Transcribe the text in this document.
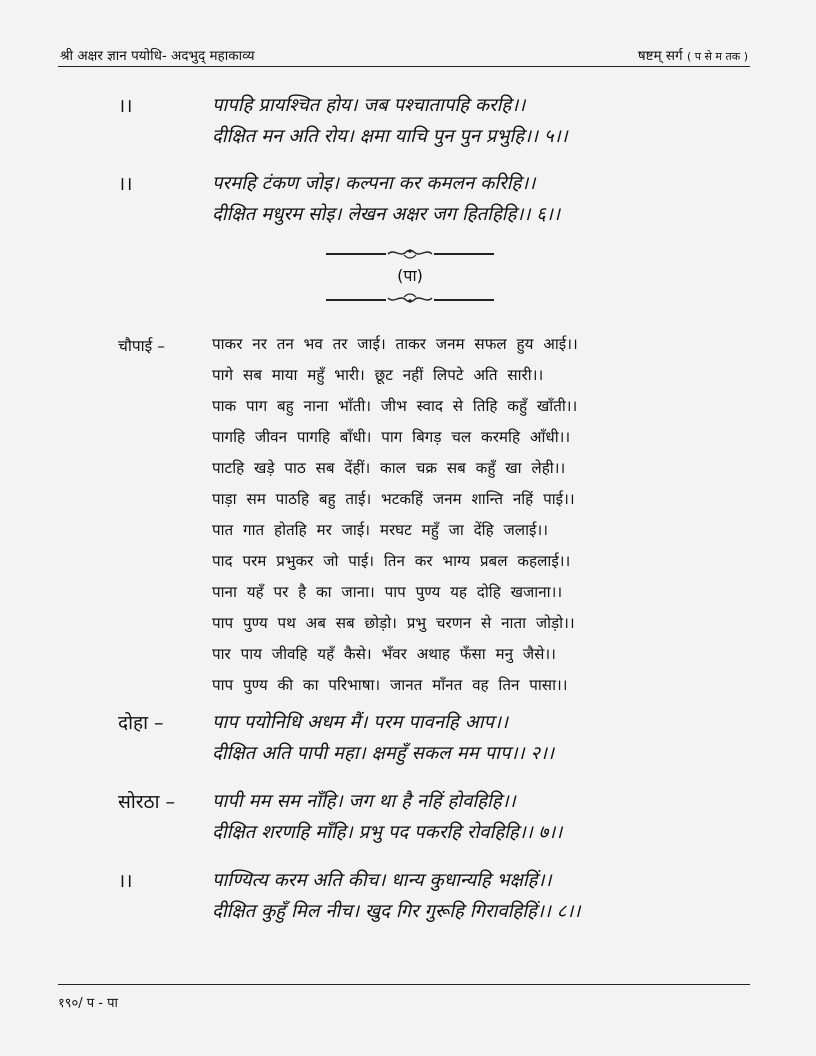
श्री अक्षर ज्ञान पयोधि- अदभुद् महाकाव्य	षष्टम् सर्ग ( प से म तक )
।।	पापहि प्रायश्चित होय। जब पश्चातापहि करहि।।
दीक्षित मन अति रोय। क्षमा याचि पुन पुन प्रभुहि।। ५।।
।।	परमहि टंकण जोइ। कल्पना कर कमलन करिहि।।
दीक्षित मधुरम सोइ। लेखन अक्षर जग हितहिहि।। ६।।
(पा)
चौपाई –	पाकर नर तन भव तर जाई। ताकर जनम सफल हुय आई।।
पागे सब माया महुँ भारी। छूट नहीं लिपटे अति सारी।।
पाक पाग बहु नाना भाँती। जीभ स्वाद से तिहि कहुँ खाँती।।
पागहि जीवन पागहि बाँधी। पाग बिगड़ चल करमहि आँधी।।
पाटहि खड़े पाठ सब देंहीं। काल चक्र सब कहुँ खा लेही।।
पाड़ा सम पाठहि बहु ताई। भटकहिं जनम शान्ति नहिं पाई।।
पात गात होतहि मर जाई। मरघट महुँ जा देंहि जलाई।।
पाद परम प्रभुकर जो पाई। तिन कर भाग्य प्रबल कहलाई।।
पाना यहँ पर है का जाना। पाप पुण्य यह दोहि खजाना।।
पाप पुण्य पथ अब सब छोड़ो। प्रभु चरणन से नाता जोड़ो।।
पार पाय जीवहि यहँ कैसे। भँवर अथाह फँसा मनु जैसे।।
पाप पुण्य की का परिभाषा। जानत माँनत वह तिन पासा।।
दोहा –	पाप पयोनिधि अधम मैं। परम पावनहि आप।।
दीक्षित अति पापी महा। क्षमहुँ सकल मम पाप।। २।।
सोरठा – पापी मम सम नाँहि। जग था है नहिं होवहिहि।।
दीक्षित शरणहि माँहि। प्रभु पद पकरहि रोवहिहि।। ७।।
।।	पाण्यित्य करम अति कीच। धान्य कुधान्यहि भक्षहिं।।
दीक्षित कुहुँ मिल नीच। खुद गिर गुरूहि गिरावहिहिं।। ८।।
१९०/ प - पा
